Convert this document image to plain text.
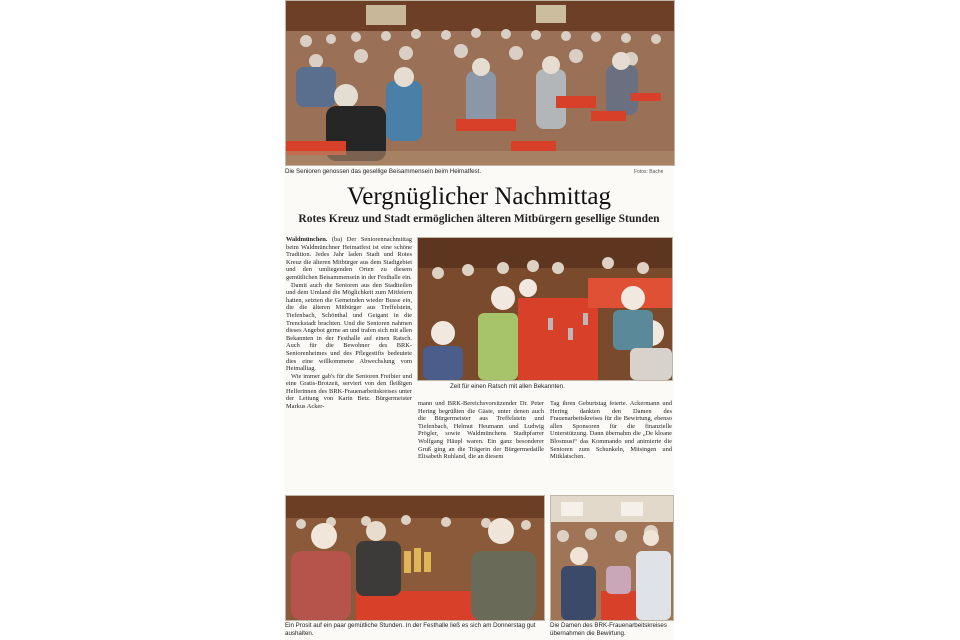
Die Senioren genossen das gesellige Beisammensein beim Heimatfest.	Fotos: Bache
Vergnüglicher Nachmittag
Rotes Kreuz und Stadt ermöglichen älteren Mitbürgern gesellige Stunden

Waldmünchen. (ba) Der Seniorennachmittag beim Waldmünchner Heimatfest ist eine schöne Tradition. Jedes Jahr laden Stadt und Rotes Kreuz die älteren Mitbürger aus dem Stadtgebiet und den umliegenden Orten zu diesem gemütlichen Beisammensein in der Festhalle ein.

Damit auch die Senioren aus den Stadtteilen und dem Umland die Möglichkeit zum Mitfeiern hatten, setzten die Gemeinden wieder Busse ein, die die älteren Mitbürger aus Treffelstein, Tiefenbach, Schönthal und Geigant in die Trenckstadt brachten. Und die Senioren nahmen dieses Angebot gerne an und trafen sich mit allen Bekannten in der Festhalle auf einen Ratsch. Auch für die Bewohner des BRK-Seniorenheimes und des Pflegestifts bedeutete dies eine willkommene Abwechslung vom Heimalltag.

Wie immer gab's für die Senioren Freibier und eine Gratis-Brotzeit, serviert von den fleißigen Helferinnen des BRK-Frauenarbeitskreises unter der Leitung von Karin Betz. Bürgermeister Markus Acker-

Zeit für einen Ratsch mit allen Bekannten.

mann und BRK-Bereichsvorsitzender Dr. Peter Hering begrüßten die Gäste, unter denen auch die Bürgermeister aus Treffelstein und Tiefenbach, Helmut Heumann und Ludwig Prögler, sowie Waldmünchens Stadtpfarrer Wolfgang Häupl waren. Ein ganz besonderer Gruß ging an die Trägerin der Bürgermedaille Elisabeth Ruhland, die an diesem

Tag ihren Geburtstag feierte. Ackermann und Hering dankten den Damen des Frauenarbeitskreises für die Bewirtung, ebenso allen Sponsoren für die finanzielle Unterstützung. Dann übernahm die „De kloane Blosmusi“ das Kommando und animierte die Senioren zum Schunkeln, Mitsingen und Mitklatschen.

Ein Prosit auf ein paar gemütliche Stunden. In der Festhalle ließ es sich am Donnerstag gut aushalten.
Die Damen des BRK-Frauenarbeitskreises übernahmen die Bewirtung.
